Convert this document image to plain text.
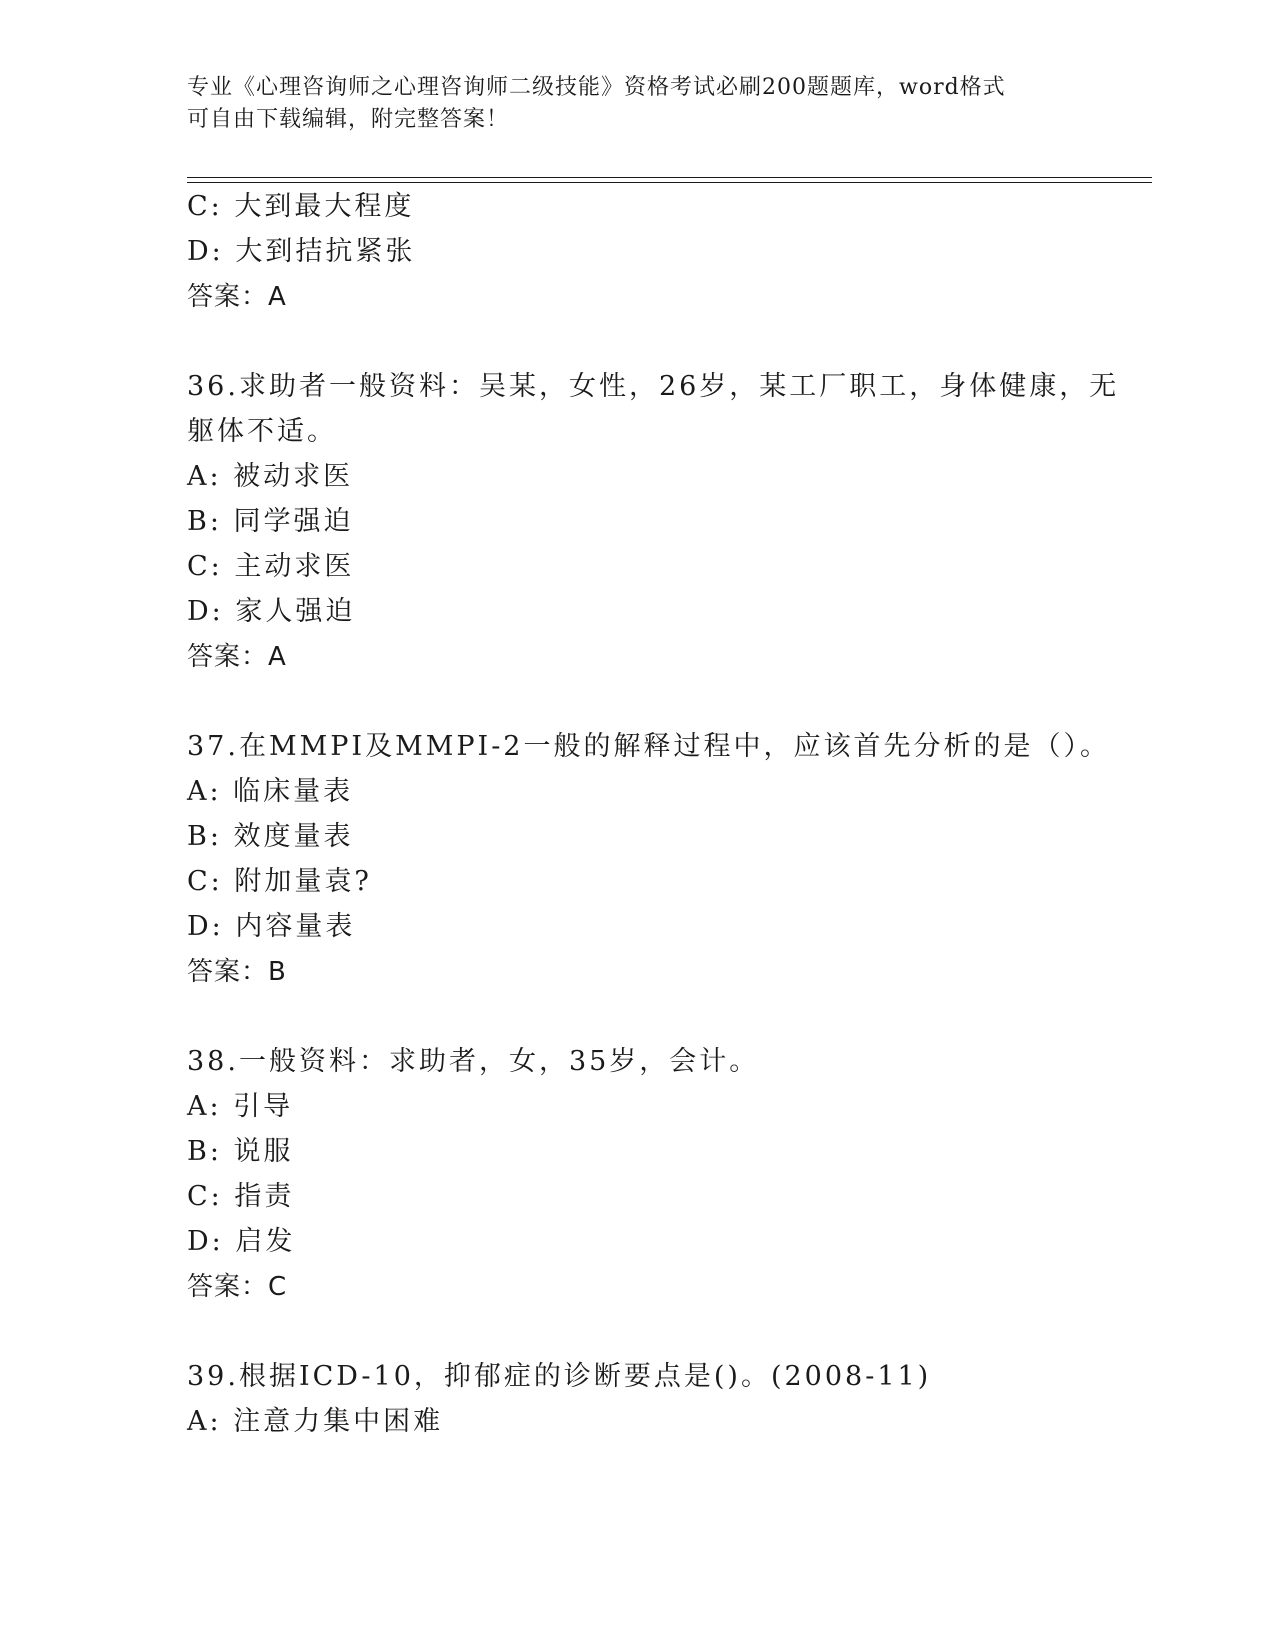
专业《心理咨询师之心理咨询师二级技能》资格考试必刷200题题库，word格式
可自由下载编辑，附完整答案！
C: 大到最大程度
D: 大到拮抗紧张
答案：A
36.求助者一般资料：吴某，女性，26岁，某工厂职工，身体健康，无
躯体不适。
A: 被动求医
B: 同学强迫
C: 主动求医
D: 家人强迫
答案：A
37.在MMPI及MMPI-2一般的解释过程中，应该首先分析的是（）。
A: 临床量表
B: 效度量表
C: 附加量袁?
D: 内容量表
答案：B
38.一般资料：求助者，女，35岁，会计。
A: 引导
B: 说服
C: 指责
D: 启发
答案：C
39.根据ICD-10，抑郁症的诊断要点是()。(2008-11)
A: 注意力集中困难
